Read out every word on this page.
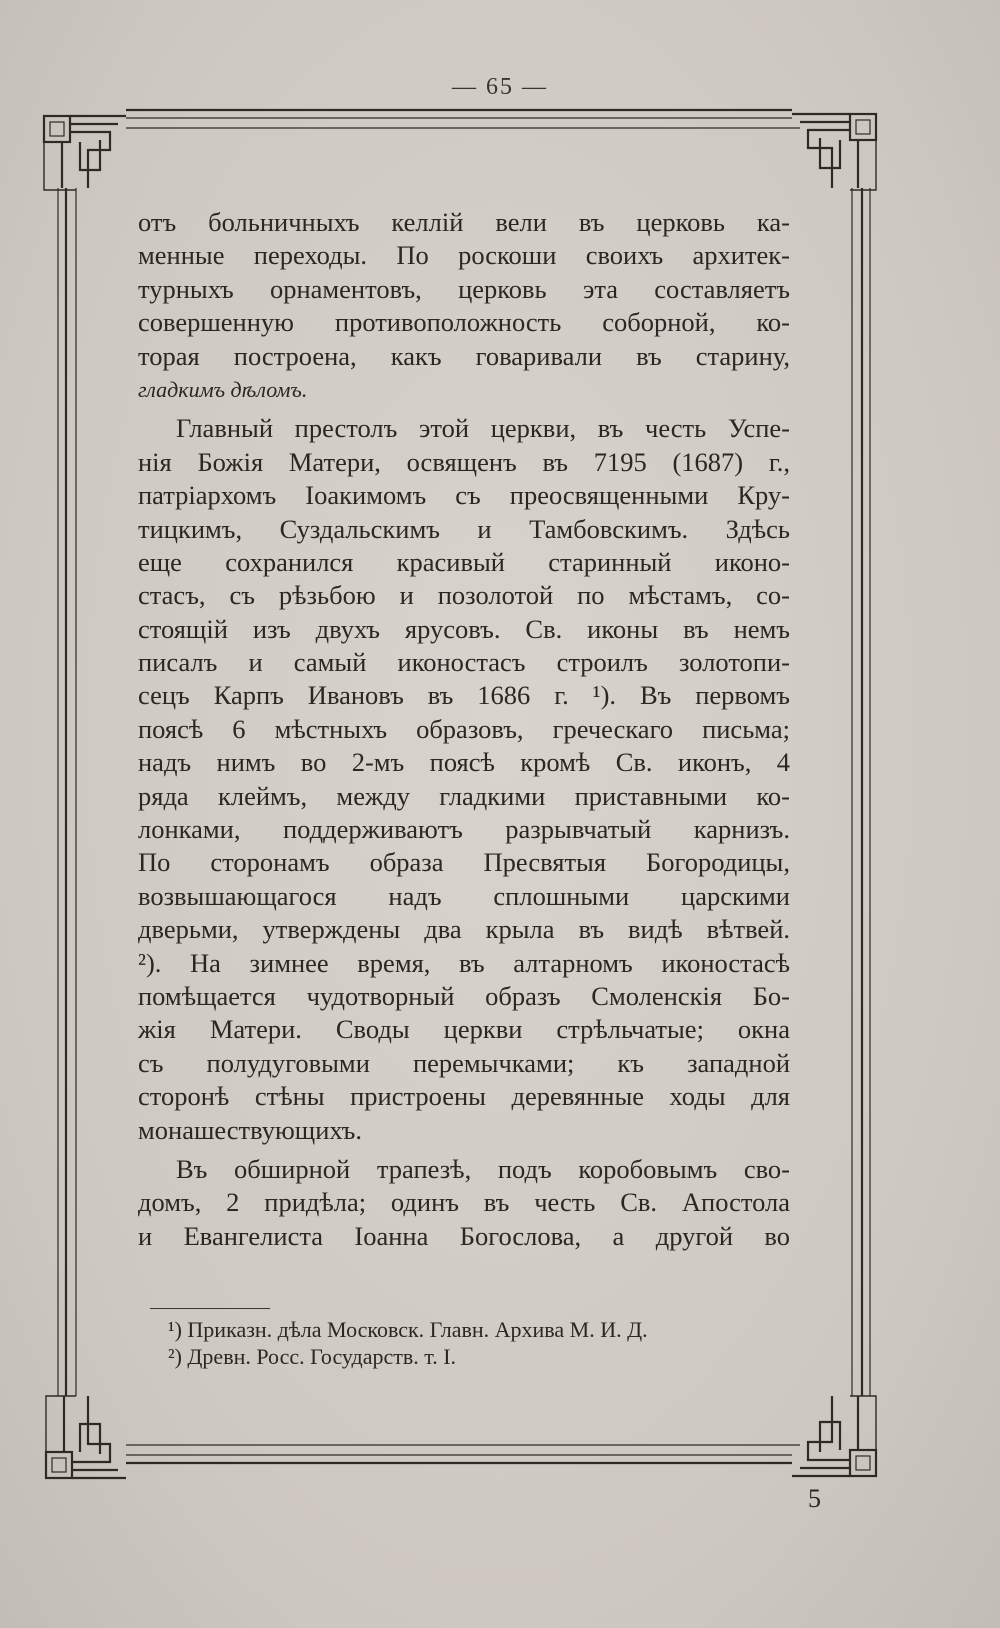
— 65 —
отъ больничныхъ келлій вели въ церковь ка-
менные переходы. По роскоши своихъ архитек-
турныхъ орнаментовъ, церковь эта составляетъ
совершенную противоположность соборной, ко-
торая построена, какъ говаривали въ старину,
гладкимъ дѣломъ.
Главный престолъ этой церкви, въ честь Успе-
нія Божія Матери, освященъ въ 7195 (1687) г.,
патріархомъ Іоакимомъ съ преосвященными Кру-
тицкимъ, Суздальскимъ и Тамбовскимъ. Здѣсь
еще сохранился красивый старинный иконо-
стасъ, съ рѣзьбою и позолотой по мѣстамъ, со-
стоящій изъ двухъ ярусовъ. Св. иконы въ немъ
писалъ и самый иконостасъ строилъ золотопи-
сецъ Карпъ Ивановъ въ 1686 г. ¹). Въ первомъ
поясѣ 6 мѣстныхъ образовъ, греческаго письма;
надъ нимъ во 2-мъ поясѣ кромѣ Св. иконъ, 4
ряда клеймъ, между гладкими приставными ко-
лонками, поддерживаютъ разрывчатый карнизъ.
По сторонамъ образа Пресвятыя Богородицы,
возвышающагося надъ сплошными царскими
дверьми, утверждены два крыла въ видѣ вѣтвей.
²). На зимнее время, въ алтарномъ иконостасѣ
помѣщается чудотворный образъ Смоленскія Бо-
жія Матери. Своды церкви стрѣльчатые; окна
съ полудуговыми перемычками; къ западной
сторонѣ стѣны пристроены деревянные ходы для
монашествующихъ.
Въ обширной трапезѣ, подъ коробовымъ сво-
домъ, 2 придѣла; одинъ въ честь Св. Апостола
и Евангелиста Іоанна Богослова, а другой во
¹) Приказн. дѣла Московск. Главн. Архива М. И. Д.
²) Древн. Росс. Государств. т. I.
5
